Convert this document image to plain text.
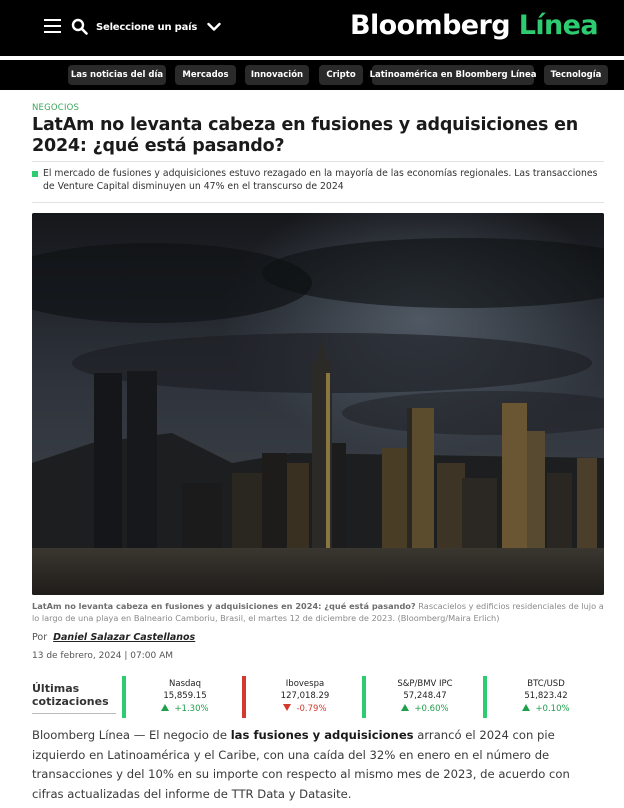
Seleccione un país	Bloomberg Línea
Las noticias del día	Mercados	Innovación	Cripto	Latinoamérica en Bloomberg Línea	Tecnología
NEGOCIOS
LatAm no levanta cabeza en fusiones y adquisiciones en 2024: ¿qué está pasando?

El mercado de fusiones y adquisiciones estuvo rezagado en la mayoría de las economías regionales. Las transacciones de Venture Capital disminuyen un 47% en el transcurso de 2024

LatAm no levanta cabeza en fusiones y adquisiciones en 2024: ¿qué está pasando? Rascacielos y edificios residenciales de lujo a lo largo de una playa en Balneario Camboriu, Brasil, el martes 12 de diciembre de 2023. (Bloomberg/Maira Erlich)

Por Daniel Salazar Castellanos
13 de febrero, 2024 | 07:00 AM
Últimas
cotizaciones
Nasdaq
15,859.15
+1.30%
Ibovespa
127,018.29
-0.79%
S&P/BMV IPC
57,248.47
+0.60%
BTC/USD
51,823.42
+0.10%

Bloomberg Línea — El negocio de las fusiones y adquisiciones arrancó el 2024 con pie izquierdo en Latinoamérica y el Caribe, con una caída del 32% en enero en el número de transacciones y del 10% en su importe con respecto al mismo mes de 2023, de acuerdo con cifras actualizadas del informe de TTR Data y Datasite.
